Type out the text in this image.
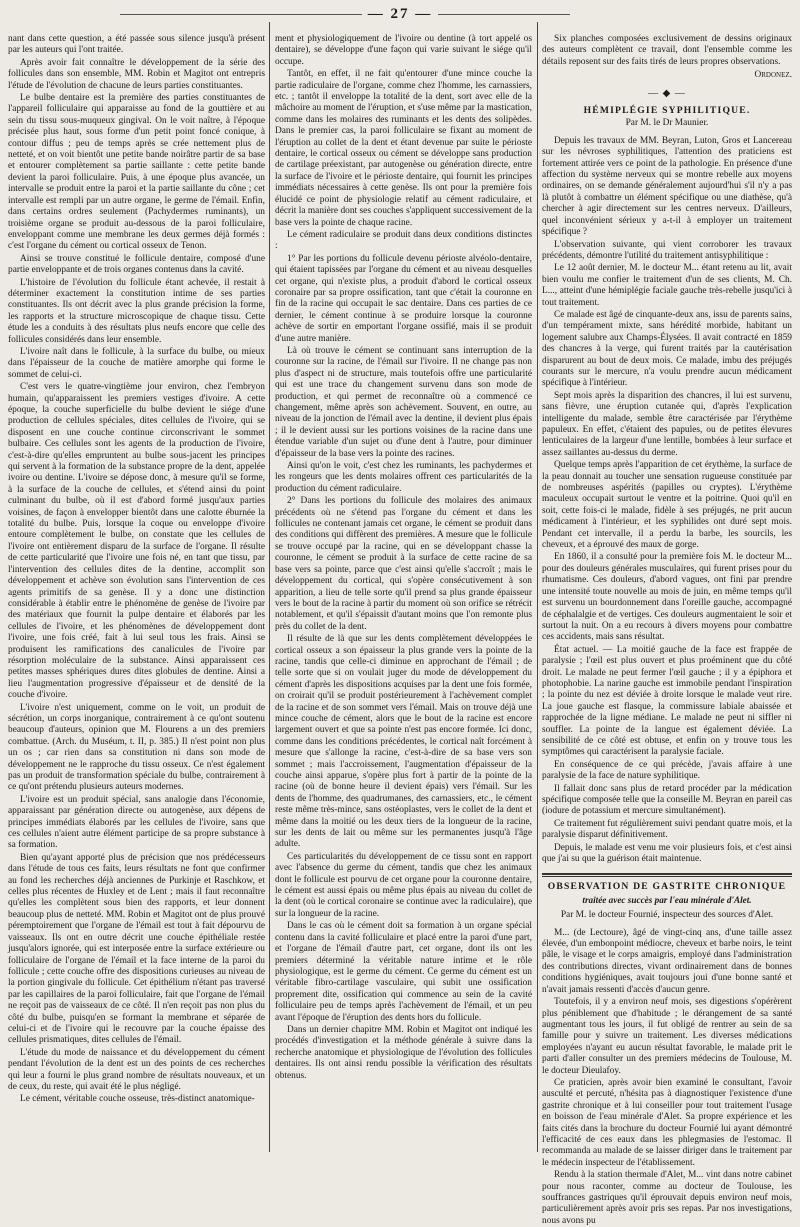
— 27 —

nant dans cette question, a été passée sous silence jusqu'à présent par les auteurs qui l'ont traitée.

Après avoir fait connaître le développement de la série des follicules dans son ensemble, MM. Robin et Magitot ont entrepris l'étude de l'évolution de chacune de leurs parties constituantes.

Le bulbe dentaire est la première des parties constituantes de l'appareil folliculaire qui apparaisse au fond de la gouttière et au sein du tissu sous-muqueux gingival. On le voit naître, à l'époque précisée plus haut, sous forme d'un petit point foncé conique, à contour diffus ; peu de temps après se crée nettement plus de netteté, et on voit bientôt une petite bande noirâtre partir de sa base et entourer complètement sa partie saillante : cette petite bande devient la paroi folliculaire. Puis, à une époque plus avancée, un intervalle se produit entre la paroi et la partie saillante du cône ; cet intervalle est rempli par un autre organe, le germe de l'émail. Enfin, dans certains ordres seulement (Pachydermes ruminants), un troisième organe se produit au-dessous de la paroi folliculaire, enveloppant comme une membrane les deux germes déjà formés : c'est l'organe du cément ou cortical osseux de Tenon.

Ainsi se trouve constitué le follicule dentaire, composé d'une partie enveloppante et de trois organes contenus dans la cavité.

L'histoire de l'évolution du follicule étant achevée, il restait à déterminer exactement la constitution intime de ses parties constituantes. Ils ont décrit avec la plus grande précision la forme, les rapports et la structure microscopique de chaque tissu. Cette étude les a conduits à des résultats plus neufs encore que celle des follicules considérés dans leur ensemble.

L'ivoire naît dans le follicule, à la surface du bulbe, ou mieux dans l'épaisseur de la couche de matière amorphe qui forme le sommet de celui-ci.

C'est vers le quatre-vingtième jour environ, chez l'embryon humain, qu'apparaissent les premiers vestiges d'ivoire. A cette époque, la couche superficielle du bulbe devient le siége d'une production de cellules spéciales, dites cellules de l'ivoire, qui se disposent en une couche continue circonscrivant le sommet bulbaire. Ces cellules sont les agents de la production de l'ivoire, c'est-à-dire qu'elles empruntent au bulbe sous-jacent les principes qui servent à la formation de la substance propre de la dent, appelée ivoire ou dentine. L'ivoire se dépose donc, à mesure qu'il se forme, à la surface de la couche de cellules, et s'étend ainsi du point culminant du bulbe, où il est d'abord formé jusqu'aux parties voisines, de façon à envelopper bientôt dans une calotte éburnée la totalité du bulbe. Puis, lorsque la coque ou enveloppe d'ivoire entoure complètement le bulbe, on constate que les cellules de l'ivoire ont entièrement disparu de la surface de l'organe. Il résulte de cette particularité que l'ivoire une fois né, en tant que tissu, par l'intervention des cellules dites de la dentine, accomplit son développement et achève son évolution sans l'intervention de ces agents primitifs de sa genèse. Il y a donc une distinction considérable à établir entre le phénomène de genèse de l'ivoire par des matériaux que fournit la pulpe dentaire et élaborés par les cellules de l'ivoire, et les phénomènes de développement dont l'ivoire, une fois créé, fait à lui seul tous les frais. Ainsi se produisent les ramifications des canalicules de l'ivoire par résorption moléculaire de la substance. Ainsi apparaissent ces petites masses sphériques dures dites globules de dentine. Ainsi a lieu l'augmentation progressive d'épaisseur et de densité de la couche d'ivoire.

L'ivoire n'est uniquement, comme on le voit, un produit de sécrétion, un corps inorganique, contrairement à ce qu'ont soutenu beaucoup d'auteurs, opinion que M. Flourens a un des premiers combattue. (Arch. du Muséum, t. II, p. 385.) Il n'est point non plus un os ; car rien dans sa constitution ni dans son mode de développement ne le rapproche du tissu osseux. Ce n'est également pas un produit de transformation spéciale du bulbe, contrairement à ce qu'ont prétendu plusieurs auteurs modernes.

L'ivoire est un produit spécial, sans analogie dans l'économie, apparaissant par génération directe ou autogenèse, aux dépens de principes immédiats élaborés par les cellules de l'ivoire, sans que ces cellules n'aient autre élément participe de sa propre substance à sa formation.

Bien qu'ayant apporté plus de précision que nos prédécesseurs dans l'étude de tous ces faits, leurs résultats ne font que confirmer au fond les recherches déjà anciennes de Purkinje et Raschkow, et celles plus récentes de Huxley et de Lent ; mais il faut reconnaître qu'elles les complètent sous bien des rapports, et leur donnent beaucoup plus de netteté. MM. Robin et Magitot ont de plus prouvé péremptoirement que l'organe de l'émail est tout à fait dépourvu de vaisseaux. Ils ont en outre décrit une couche épithéliale restée jusqu'alors ignorée, qui est interposée entre la surface extérieure ou folliculaire de l'organe de l'émail et la face interne de la paroi du follicule ; cette couche offre des dispositions curieuses au niveau de la portion gingivale du follicule. Cet épithélium n'étant pas traversé par les capillaires de la paroi folliculaire, fait que l'organe de l'émail ne reçoit pas de vaisseaux de ce côté. Il n'en reçoit pas non plus du côté du bulbe, puisqu'en se formant la membrane et séparée de celui-ci et de l'ivoire qui le recouvre par la couche épaisse des cellules prismatiques, dites cellules de l'émail.

L'étude du mode de naissance et du développement du cément pendant l'évolution de la dent est un des points de ces recherches qui leur a fourni le plus grand nombre de résultats nouveaux, et un de ceux, du reste, qui avait été le plus négligé.

Le cément, véritable couche osseuse, très-distinct anatomique-

ment et physiologiquement de l'ivoire ou dentine (à tort appelé os dentaire), se développe d'une façon qui varie suivant le siége qu'il occupe.

Tantôt, en effet, il ne fait qu'entourer d'une mince couche la partie radiculaire de l'organe, comme chez l'homme, les carnassiers, etc. ; tantôt il enveloppe la totalité de la dent, sort avec elle de la mâchoire au moment de l'éruption, et s'use même par la mastication, comme dans les molaires des ruminants et les dents des solipèdes. Dans le premier cas, la paroi folliculaire se fixant au moment de l'éruption au collet de la dent et étant devenue par suite le périoste dentaire, le cortical osseux ou cément se développe sans production de cartilage préexistant, par autogenèse ou génération directe, entre la surface de l'ivoire et le périoste dentaire, qui fournit les principes immédiats nécessaires à cette genèse. Ils ont pour la première fois élucidé ce point de physiologie relatif au cément radiculaire, et décrit la manière dont ses couches s'appliquent successivement de la base vers la pointe de chaque racine.

Le cément radiculaire se produit dans deux conditions distinctes :

1° Par les portions du follicule devenu périoste alvéolo-dentaire, qui étaient tapissées par l'organe du cément et au niveau desquelles cet organe, qui n'existe plus, a produit d'abord le cortical osseux coronaire par sa propre ossification, tant que c'était la couronne en fin de la racine qui occupait le sac dentaire. Dans ces parties de ce dernier, le cément continue à se produire lorsque la couronne achève de sortir en emportant l'organe ossifié, mais il se produit d'une autre manière.

Là où trouve le cément se continuant sans interruption de la couronne sur la racine, de l'émail sur l'ivoire. Il ne change pas non plus d'aspect ni de structure, mais toutefois offre une particularité qui est une trace du changement survenu dans son mode de production, et qui permet de reconnaître où a commencé ce changement, même après son achèvement. Souvent, en outre, au niveau de la jonction de l'émail avec la dentine, il devient plus épais ; il le devient aussi sur les portions voisines de la racine dans une étendue variable d'un sujet ou d'une dent à l'autre, pour diminuer d'épaisseur de la base vers la pointe des racines.

Ainsi qu'on le voit, c'est chez les ruminants, les pachydermes et les rongeurs que les dents molaires offrent ces particularités de la production du cément radiculaire.

2° Dans les portions du follicule des molaires des animaux précédents où ne s'étend pas l'organe du cément et dans les follicules ne contenant jamais cet organe, le cément se produit dans des conditions qui diffèrent des premières. A mesure que le follicule se trouve occupé par la racine, qui en se développant chasse la couronne, le cément se produit à la surface de cette racine de sa base vers sa pointe, parce que c'est ainsi qu'elle s'accroît ; mais le développement du cortical, qui s'opère consécutivement à son apparition, a lieu de telle sorte qu'il prend sa plus grande épaisseur vers le bout de la racine à partir du moment où son orifice se rétrécit notablement, et qu'il s'épaissit d'autant moins que l'on remonte plus près du collet de la dent.

Il résulte de là que sur les dents complètement développées le cortical osseux a son épaisseur la plus grande vers la pointe de la racine, tandis que celle-ci diminue en approchant de l'émail ; de telle sorte que si on voulait juger du mode de développement du cément d'après les dispositions acquises par la dent une fois formée, on croirait qu'il se produit postérieurement à l'achèvement complet de la racine et de son sommet vers l'émail. Mais on trouve déjà une mince couche de cément, alors que le bout de la racine est encore largement ouvert et que sa pointe n'est pas encore formée. Ici donc, comme dans les conditions précédentes, le cortical naît forcément à mesure que s'allonge la racine, c'est-à-dire de sa base vers son sommet ; mais l'accroissement, l'augmentation d'épaisseur de la couche ainsi apparue, s'opère plus fort à partir de la pointe de la racine (où de bonne heure il devient épais) vers l'émail. Sur les dents de l'homme, des quadrumanes, des carnassiers, etc., le cément reste même très-mince, sans ostéoplastes, vers le collet de la dent et même dans la moitié ou les deux tiers de la longueur de la racine, sur les dents de lait ou même sur les permanentes jusqu'à l'âge adulte.

Ces particularités du développement de ce tissu sont en rapport avec l'absence du germe du cément, tandis que chez les animaux dont le follicule est pourvu de cet organe pour la couronne dentaire, le cément est aussi épais ou même plus épais au niveau du collet de la dent (où le cortical coronaire se continue avec la radiculaire), que sur la longueur de la racine.

Dans le cas où le cément doit sa formation à un organe spécial contenu dans la cavité folliculaire et placé entre la paroi d'une part, et l'organe de l'émail d'autre part, cet organe, dont ils ont les premiers déterminé la véritable nature intime et le rôle physiologique, est le germe du cément. Ce germe du cément est un véritable fibro-cartilage vasculaire, qui subit une ossification proprement dite, ossification qui commence au sein de la cavité folliculaire peu de temps après l'achèvement de l'émail, et un peu avant l'époque de l'éruption des dents hors du follicule.

Dans un dernier chapitre MM. Robin et Magitot ont indiqué les procédés d'investigation et la méthode générale à suivre dans la recherche anatomique et physiologique de l'évolution des follicules dentaires. Ils ont ainsi rendu possible la vérification des résultats obtenus.

Six planches composées exclusivement de dessins originaux des auteurs complètent ce travail, dont l'ensemble comme les détails reposent sur des faits tirés de leurs propres observations.

Ordonez.
— ◆ —
HÉMIPLÉGIE SYPHILITIQUE.
Par M. le Dr Maunier.

Depuis les travaux de MM. Beyran, Luton, Gros et Lancereau sur les névroses syphilitiques, l'attention des praticiens est fortement attirée vers ce point de la pathologie. En présence d'une affection du système nerveux qui se montre rebelle aux moyens ordinaires, on se demande généralement aujourd'hui s'il n'y a pas là plutôt à combattre un élément spécifique ou une diathèse, qu'à chercher à agir directement sur les centres nerveux. D'ailleurs, quel inconvénient sérieux y a-t-il à employer un traitement spécifique ?

L'observation suivante, qui vient corroborer les travaux précédents, démontre l'utilité du traitement antisyphilitique :

Le 12 août dernier, M. le docteur M... étant retenu au lit, avait bien voulu me confier le traitement d'un de ses clients, M. Ch. L..., atteint d'une hémiplégie faciale gauche très-rebelle jusqu'ici à tout traitement.

Ce malade est âgé de cinquante-deux ans, issu de parents sains, d'un tempérament mixte, sans hérédité morbide, habitant un logement salubre aux Champs-Élysées. Il avait contracté en 1859 des chancres à la verge, qui furent traités par la cautérisation disparurent au bout de deux mois. Ce malade, imbu des préjugés courants sur le mercure, n'a voulu prendre aucun médicament spécifique à l'intérieur.

Sept mois après la disparition des chancres, il lui est survenu, sans fièvre, une éruption cutanée qui, d'après l'explication intelligente du malade, semble être caractérisée par l'érythème papuleux. En effet, c'étaient des papules, ou de petites élevures lenticulaires de la largeur d'une lentille, bombées à leur surface et assez saillantes au-dessus du derme.

Quelque temps après l'apparition de cet érythème, la surface de la peau donnait au toucher une sensation rugueuse constituée par de nombreuses aspérités (papilles ou cryptes). L'érythème maculeux occupait surtout le ventre et la poitrine. Quoi qu'il en soit, cette fois-ci le malade, fidèle à ses préjugés, ne prit aucun médicament à l'intérieur, et les syphilides ont duré sept mois. Pendant cet intervalle, il a perdu la barbe, les sourcils, les cheveux, et a éprouvé des maux de gorge.

En 1860, il a consulté pour la première fois M. le docteur M... pour des douleurs générales musculaires, qui furent prises pour du rhumatisme. Ces douleurs, d'abord vagues, ont fini par prendre une intensité toute nouvelle au mois de juin, en même temps qu'il est survenu un bourdonnement dans l'oreille gauche, accompagné de céphalalgie et de vertiges. Ces douleurs augmentaient le soir et surtout la nuit. On a eu recours à divers moyens pour combattre ces accidents, mais sans résultat.

État actuel. — La moitié gauche de la face est frappée de paralysie ; l'œil est plus ouvert et plus proéminent que du côté droit. Le malade ne peut fermer l'œil gauche ; il y a épiphora et photophobie. La narine gauche est immobile pendant l'inspiration ; la pointe du nez est déviée à droite lorsque le malade veut rire. La joue gauche est flasque, la commissure labiale abaissée et rapprochée de la ligne médiane. Le malade ne peut ni siffler ni souffler. La pointe de la langue est également déviée. La sensibilité de ce côté est obtuse, et enfin on y trouve tous les symptômes qui caractérisent la paralysie faciale.

En conséquence de ce qui précède, j'avais affaire à une paralysie de la face de nature syphilitique.

Il fallait donc sans plus de retard procéder par la médication spécifique composée telle que la conseille M. Beyran en pareil cas (iodure de potassium et mercure simultanément).

Ce traitement fut régulièrement suivi pendant quatre mois, et la paralysie disparut définitivement.

Depuis, le malade est venu me voir plusieurs fois, et c'est ainsi que j'ai su que la guérison était maintenue.

OBSERVATION DE GASTRITE CHRONIQUE
traitée avec succès par l'eau minérale d'Alet.
Par M. le docteur Fournié, inspecteur des sources d'Alet.

M... (de Lectoure), âgé de vingt-cinq ans, d'une taille assez élevée, d'un embonpoint médiocre, cheveux et barbe noirs, le teint pâle, le visage et le corps amaigris, employé dans l'administration des contributions directes, vivant ordinairement dans de bonnes conditions hygiéniques, avait toujours joui d'une bonne santé et n'avait jamais ressenti d'accès d'aucun genre.

Toutefois, il y a environ neuf mois, ses digestions s'opérèrent plus péniblement que d'habitude ; le dérangement de sa santé augmentant tous les jours, il fut obligé de rentrer au sein de sa famille pour y suivre un traitement. Les diverses médications employées n'ayant eu aucun résultat favorable, le malade prit le parti d'aller consulter un des premiers médecins de Toulouse, M. le docteur Dieulafoy.

Ce praticien, après avoir bien examiné le consultant, l'avoir ausculté et percuté, n'hésita pas à diagnostiquer l'existence d'une gastrite chronique et à lui conseiller pour tout traitement l'usage en boisson de l'eau minérale d'Alet. Sa propre expérience et les faits cités dans la brochure du docteur Fournié lui ayant démontré l'efficacité de ces eaux dans les phlegmasies de l'estomac. Il recommanda au malade de se laisser diriger dans le traitement par le médecin inspecteur de l'établissement.

Rendu à la station thermale d'Alet, M... vint dans notre cabinet pour nous raconter, comme au docteur de Toulouse, les souffrances gastriques qu'il éprouvait depuis environ neuf mois, particulièrement après avoir pris ses repas. Par nos investigations, nous avons pu
